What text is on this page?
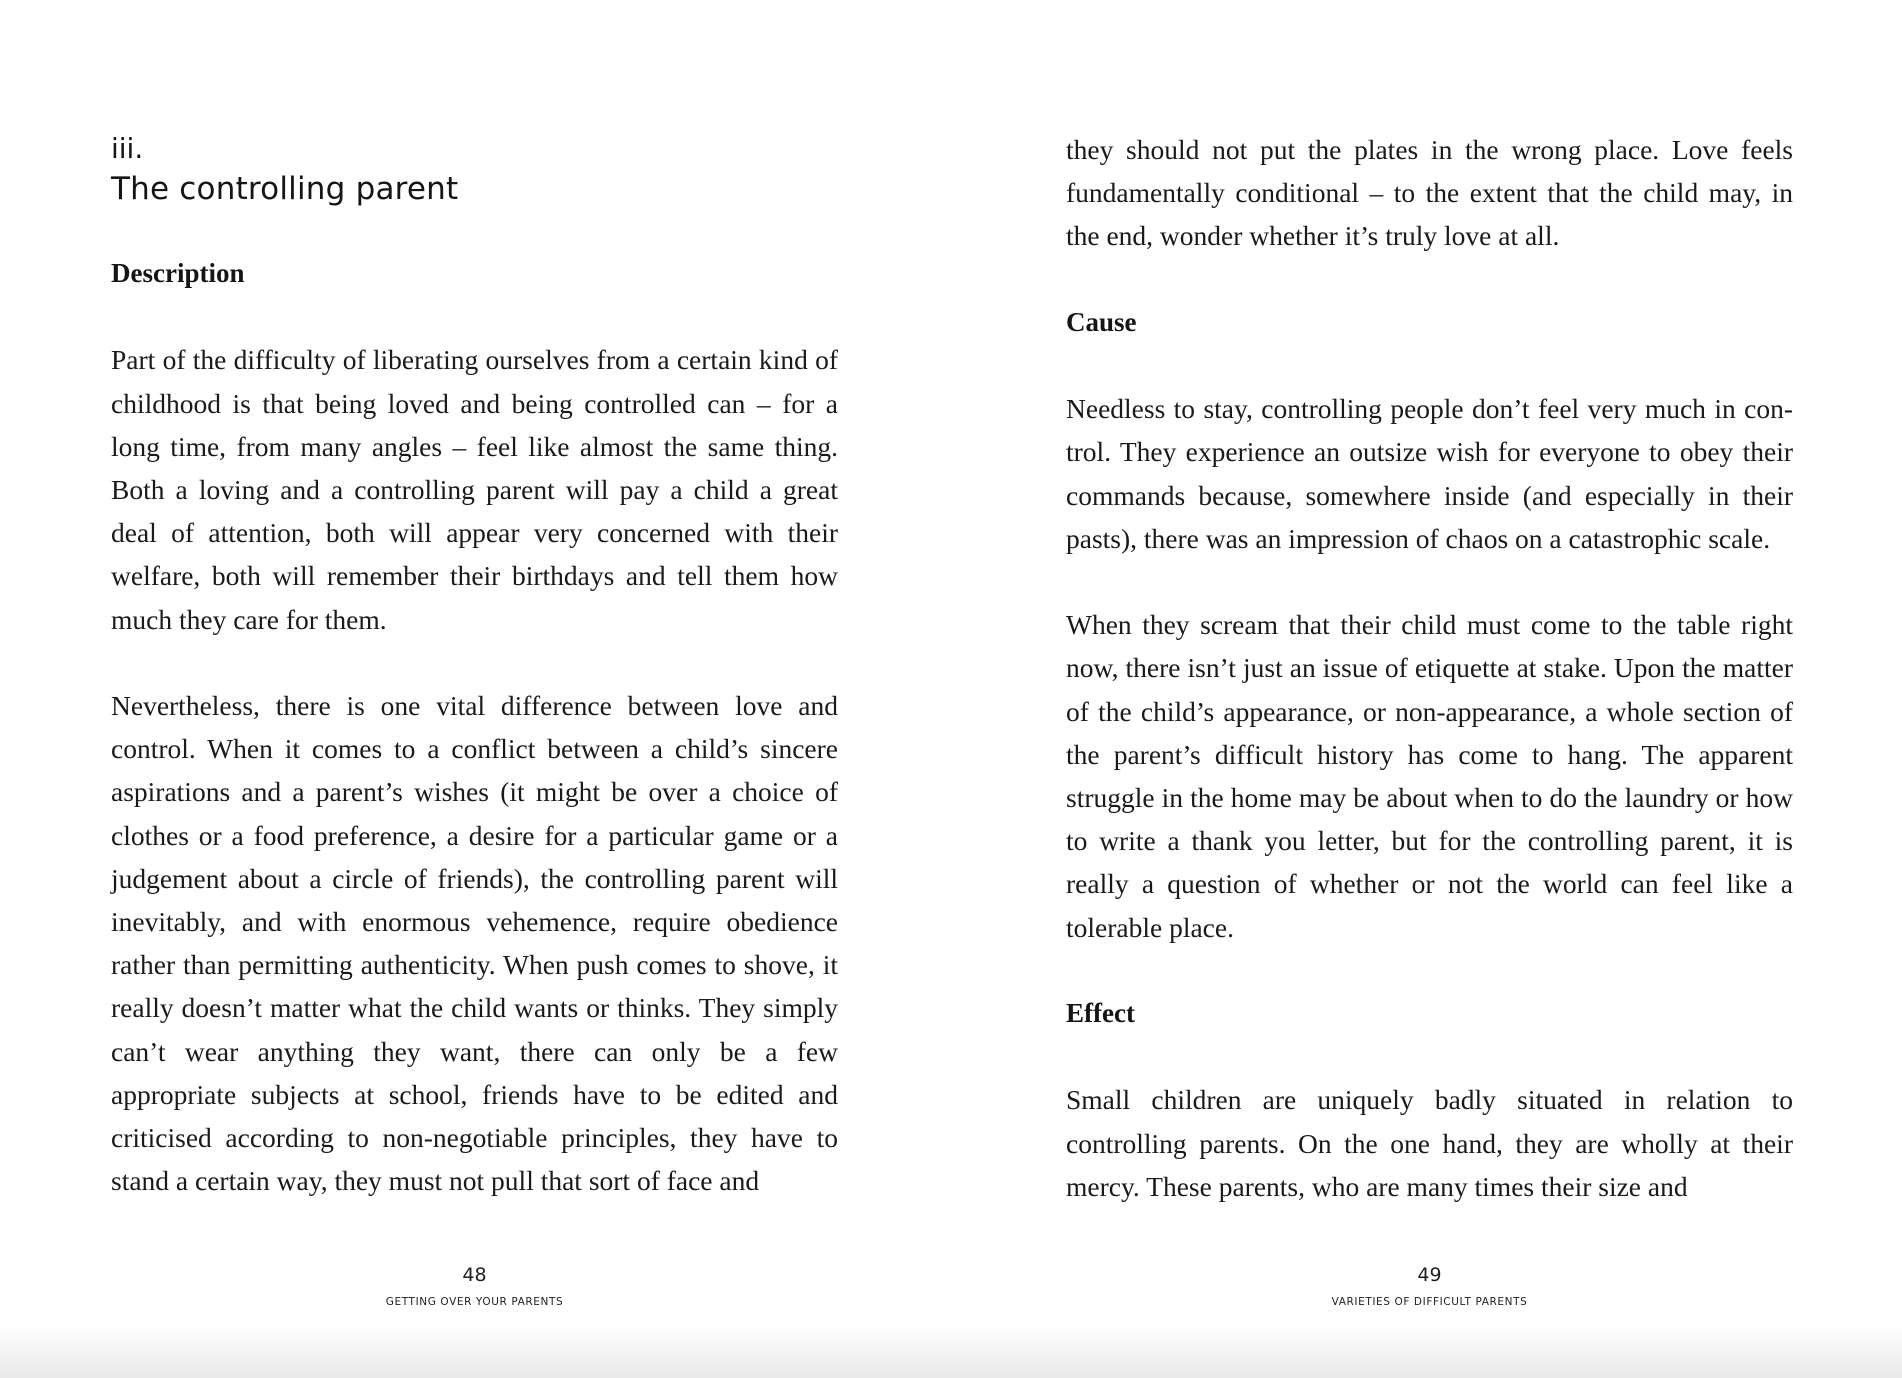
iii.
The controlling parent
Description

Part of the difficulty of liberating ourselves from a certain kind of childhood is that being loved and being controlled can – for a long time, from many angles – feel like almost the same thing. Both a loving and a controlling parent will pay a child a great deal of attention, both will appear very concerned with their welfare, both will remember their birthdays and tell them how much they care for them.

Nevertheless, there is one vital difference between love and control. When it comes to a conflict between a child’s sincere aspirations and a parent’s wishes (it might be over a choice of clothes or a food preference, a desire for a particular game or a judgement about a circle of friends), the controlling parent will inevitably, and with enormous vehemence, require obedience rather than permitting authenticity. When push comes to shove, it really doesn’t matter what the child wants or thinks. They simply can’t wear anything they want, there can only be a few appropriate subjects at school, friends have to be edited and criticised according to non-negotiable principles, they have to stand a certain way, they must not pull that sort of face and

48
GETTING OVER YOUR PARENTS

they should not put the plates in the wrong place. Love feels fundamentally conditional – to the extent that the child may, in the end, wonder whether it’s truly love at all.

Cause

Needless to stay, controlling people don’t feel very much in control. They experience an outsize wish for everyone to obey their commands because, somewhere inside (and especially in their pasts), there was an impression of chaos on a catastrophic scale.

When they scream that their child must come to the table right now, there isn’t just an issue of etiquette at stake. Upon the matter of the child’s appearance, or non-appearance, a whole section of the parent’s difficult history has come to hang. The apparent struggle in the home may be about when to do the laundry or how to write a thank you letter, but for the controlling parent, it is really a question of whether or not the world can feel like a tolerable place.

Effect

Small children are uniquely badly situated in relation to controlling parents. On the one hand, they are wholly at their mercy. These parents, who are many times their size and

49
VARIETIES OF DIFFICULT PARENTS
